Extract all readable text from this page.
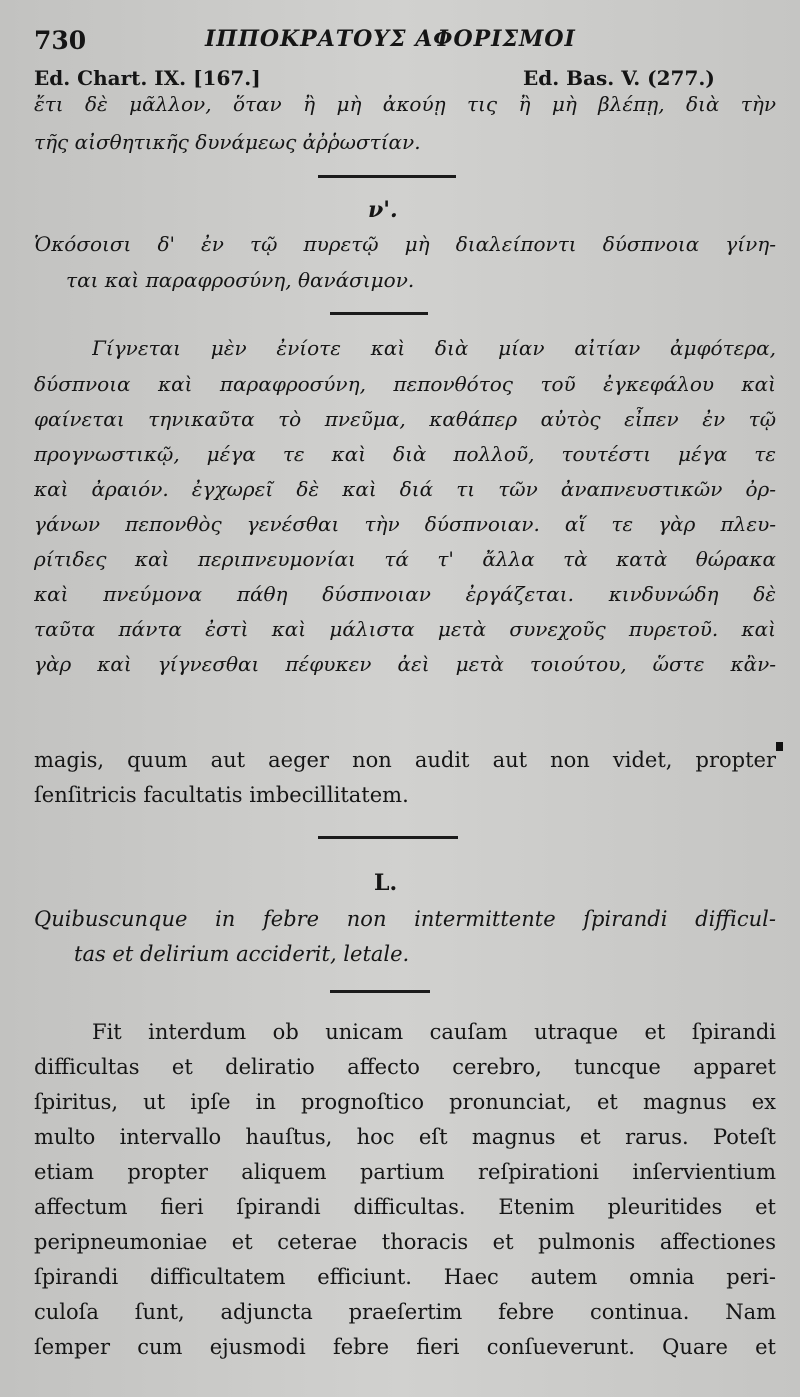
730	ΙΠΠΟΚΡΑΤΟΥΣ ΑΦΟΡΙΣΜΟΙ
Ed. Chart. IX. [167.]	Ed. Bas. V. (277.)
ἔτι δὲ μᾶλλον, ὅταν ἢ μὴ ἀκούῃ τις ἢ μὴ βλέπῃ, διὰ τὴν
τῆς αἰσθητικῆς δυνάμεως ἀῤῥωστίαν.
ν'.
Ὁκόσοισι δ' ἐν τῷ πυρετῷ μὴ διαλείποντι δύσπνοια γίνη-
ται καὶ παραφροσύνη, θανάσιμον.
Γίγνεται μὲν ἐνίοτε καὶ διὰ μίαν αἰτίαν ἀμφότερα,
δύσπνοια καὶ παραφροσύνη, πεπονθότος τοῦ ἐγκεφάλου καὶ
φαίνεται τηνικαῦτα τὸ πνεῦμα, καθάπερ αὐτὸς εἶπεν ἐν τῷ
προγνωστικῷ, μέγα τε καὶ διὰ πολλοῦ, τουτέστι μέγα τε
καὶ ἀραιόν. ἐγχωρεῖ δὲ καὶ διά τι τῶν ἀναπνευστικῶν ὀρ-
γάνων πεπονθὸς γενέσθαι τὴν δύσπνοιαν. αἵ τε γὰρ πλευ-
ρίτιδες καὶ περιπνευμονίαι τά τ' ἄλλα τὰ κατὰ θώρακα
καὶ πνεύμονα πάθη δύσπνοιαν ἐργάζεται. κινδυνώδη δὲ
ταῦτα πάντα ἐστὶ καὶ μάλιστα μετὰ συνεχοῦς πυρετοῦ. καὶ
γὰρ καὶ γίγνεσθαι πέφυκεν ἀεὶ μετὰ τοιούτου, ὥστε κἂν-
magis, quum aut aeger non audit aut non videt, propter
ſenſitricis facultatis imbecillitatem.
L.
Quibuscunque in febre non intermittente ſpirandi difficul-
tas et delirium acciderit, letale.
Fit interdum ob unicam cauſam utraque et ſpirandi
difficultas et deliratio affecto cerebro, tuncque apparet
ſpiritus, ut ipſe in prognoſtico pronunciat, et magnus ex
multo intervallo hauſtus, hoc eſt magnus et rarus. Poteſt
etiam propter aliquem partium reſpirationi inſervientium
affectum fieri ſpirandi difficultas. Etenim pleuritides et
peripneumoniae et ceterae thoracis et pulmonis affectiones
ſpirandi difficultatem efficiunt. Haec autem omnia peri-
culoſa ſunt, adjuncta praeſertim febre continua. Nam
ſemper cum ejusmodi febre fieri conſueverunt. Quare et
